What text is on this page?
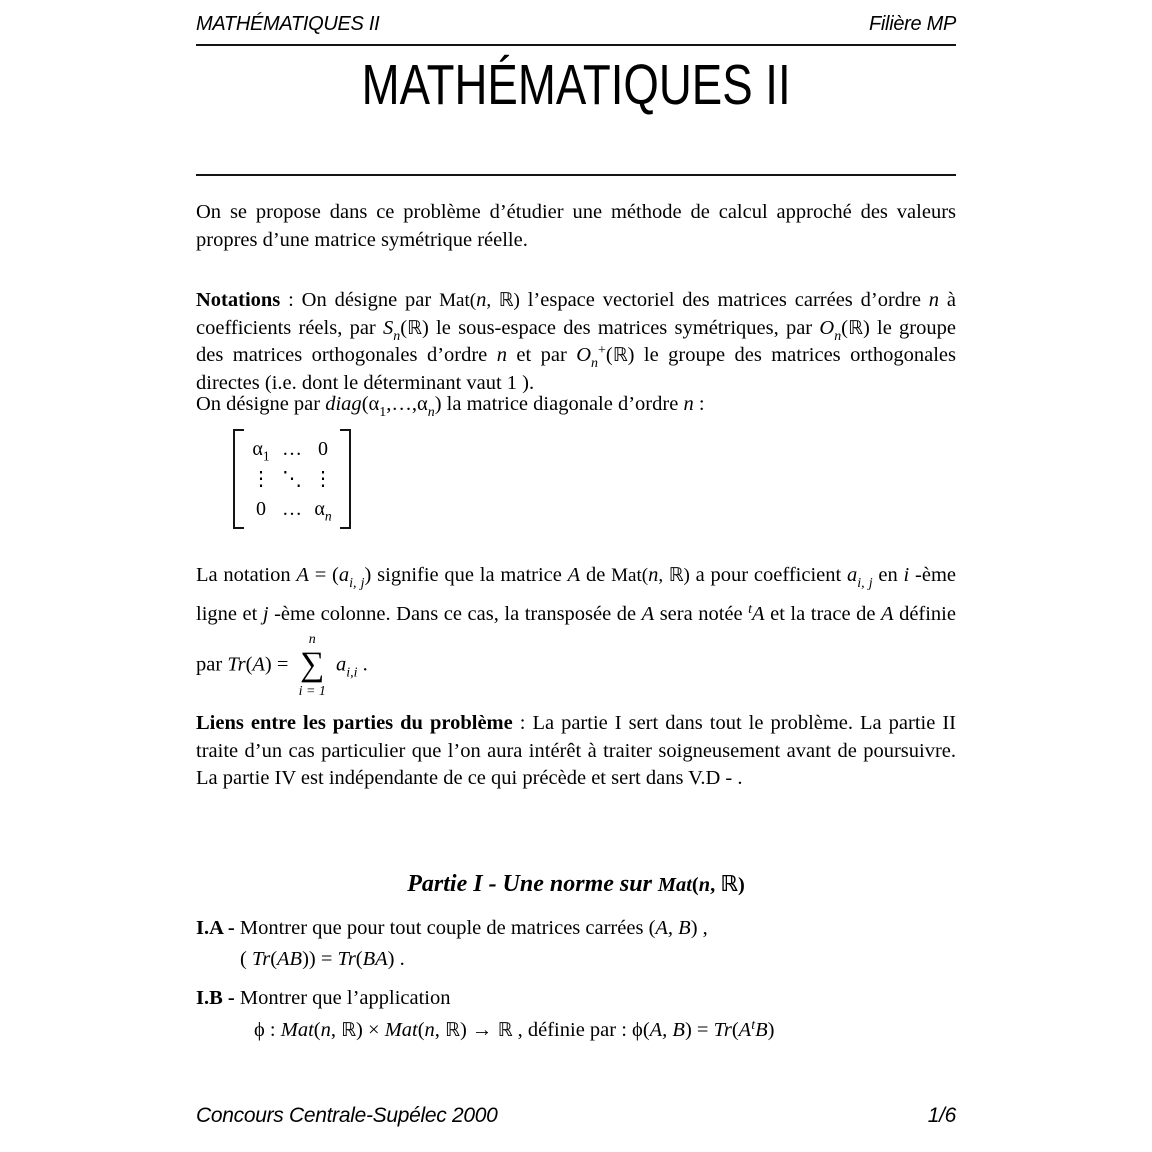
MATHÉMATIQUES II	Filière MP
MATHÉMATIQUES II
On se propose dans ce problème d’étudier une méthode de calcul approché des valeurs propres d’une matrice symétrique réelle.
Notations : On désigne par Mat(n, ℝ) l’espace vectoriel des matrices carrées d’ordre n à coefficients réels, par $S_n(ℝ)$ le sous-espace des matrices symétriques, par $O_n(ℝ)$ le groupe des matrices orthogonales d’ordre n et par $O_n^+(ℝ)$ le groupe des matrices orthogonales directes (i.e. dont le déterminant vaut 1 ).
On désigne par $diag(\alpha_1,\dots,\alpha_n)$ la matrice diagonale d’ordre n :
$\alpha_1$ … 0
⋮ ⋱ ⋮
0 … $\alpha_n$
La notation $A = (a_{i, j})$ signifie que la matrice A de Mat(n, ℝ) a pour coefficient $a_{i, j}$ en i -ème ligne et j -ème colonne. Dans ce cas, la transposée de A sera notée $^t$A et la trace de A définie par Tr(A) =
n
∑
i = 1
$a_{i,i}$ .
Liens entre les parties du problème : La partie I sert dans tout le problème. La partie II traite d’un cas particulier que l’on aura intérêt à traiter soigneusement avant de poursuivre. La partie IV est indépendante de ce qui précède et sert dans V.D - .
Partie I - Une norme sur Mat(n, ℝ)
I.A - Montrer que pour tout couple de matrices carrées (A, B) ,
( Tr(AB)) = Tr(BA) .
I.B - Montrer que l’application
ϕ : Mat(n, ℝ) × Mat(n, ℝ) → ℝ , définie par : ϕ(A, $B) = Tr(A^tB)$
Concours Centrale-Supélec 2000	1/6
